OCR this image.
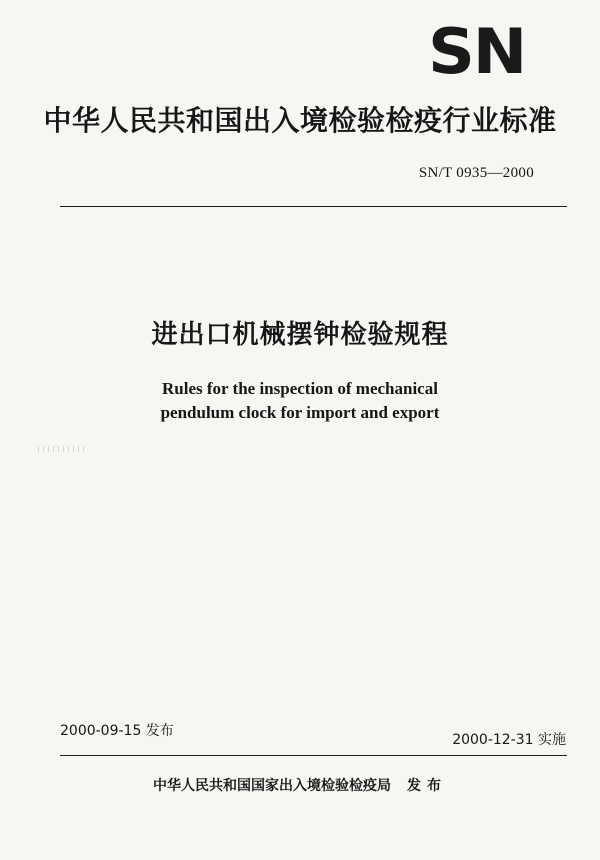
SN
中华人民共和国出入境检验检疫行业标准
SN/T 0935—2000
进出口机械摆钟检验规程
Rules for the inspection of mechanical
pendulum clock for import and export
2000-09-15 发布
2000-12-31 实施
中华人民共和国国家出入境检验检疫局 发布
